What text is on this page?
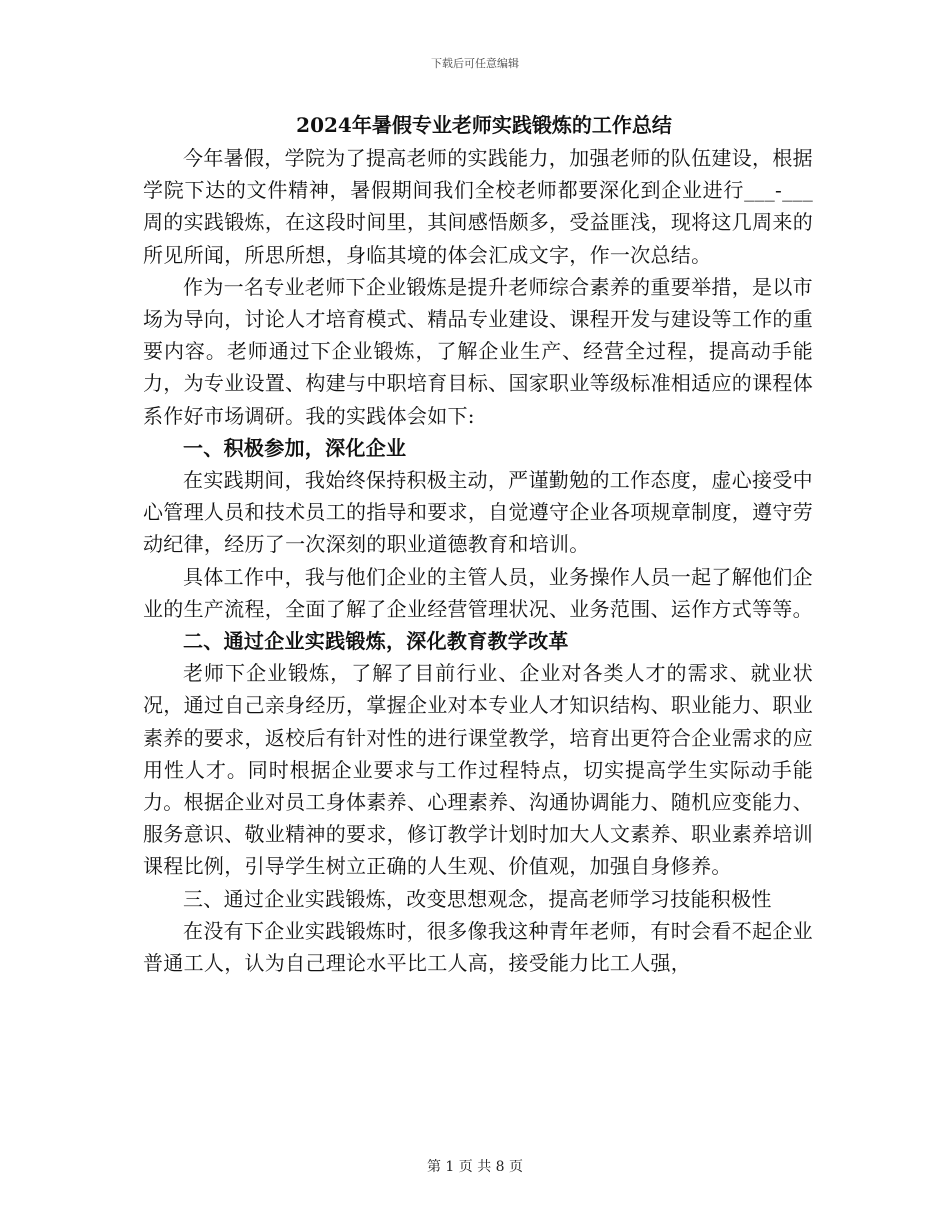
下载后可任意编辑
2024年暑假专业老师实践锻炼的工作总结

今年暑假，学院为了提高老师的实践能力，加强老师的队伍建设，根据学院下达的文件精神，暑假期间我们全校老师都要深化到企业进行___-___周的实践锻炼，在这段时间里，其间感悟颇多，受益匪浅，现将这几周来的所见所闻，所思所想，身临其境的体会汇成文字，作一次总结。

作为一名专业老师下企业锻炼是提升老师综合素养的重要举措，是以市场为导向，讨论人才培育模式、精品专业建设、课程开发与建设等工作的重要内容。老师通过下企业锻炼，了解企业生产、经营全过程，提高动手能力，为专业设置、构建与中职培育目标、国家职业等级标准相适应的课程体系作好市场调研。我的实践体会如下:

一、积极参加，深化企业

在实践期间，我始终保持积极主动，严谨勤勉的工作态度，虚心接受中心管理人员和技术员工的指导和要求，自觉遵守企业各项规章制度，遵守劳动纪律，经历了一次深刻的职业道德教育和培训。

具体工作中，我与他们企业的主管人员，业务操作人员一起了解他们企业的生产流程，全面了解了企业经营管理状况、业务范围、运作方式等等。

二、通过企业实践锻炼，深化教育教学改革

老师下企业锻炼，了解了目前行业、企业对各类人才的需求、就业状况，通过自己亲身经历，掌握企业对本专业人才知识结构、职业能力、职业素养的要求，返校后有针对性的进行课堂教学，培育出更符合企业需求的应用性人才。同时根据企业要求与工作过程特点，切实提高学生实际动手能力。根据企业对员工身体素养、心理素养、沟通协调能力、随机应变能力、服务意识、敬业精神的要求，修订教学计划时加大人文素养、职业素养培训课程比例，引导学生树立正确的人生观、价值观，加强自身修养。

三、通过企业实践锻炼，改变思想观念，提高老师学习技能积极性

在没有下企业实践锻炼时，很多像我这种青年老师，有时会看不起企业普通工人，认为自己理论水平比工人高，接受能力比工人强，

第 1 页 共 8 页
